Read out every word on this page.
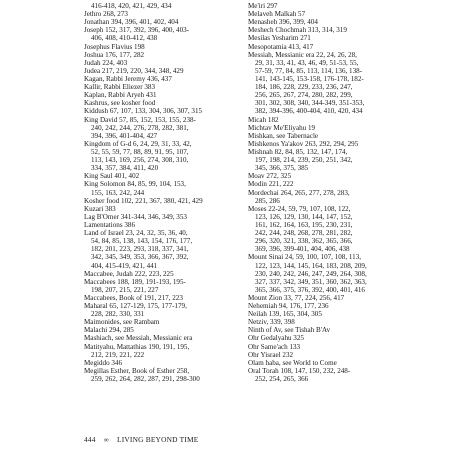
416-418, 420, 421, 429, 434
Jethro 268, 273
Jonathan 394, 396, 401, 402, 404
Joseph 152, 317, 392, 396, 400, 403-
406, 408, 410-412, 438
Josephus Flavius 198
Joshua 176, 177, 282
Judah 224, 403
Judea 217, 219, 220, 344, 348, 429
Kagan, Rabbi Jeremy 436, 437
Kallir, Rabbi Eliezer 383
Kaplan, Rabbi Aryeh 431
Kashrus, see kosher food
Kiddush 67, 107, 133, 304, 306, 307, 315
King David 57, 85, 152, 153, 155, 238-
240, 242, 244, 276, 278, 282, 381,
394, 396, 401-404, 427
Kingdom of G-d 6, 24, 29, 31, 33, 42,
52, 55, 59, 77, 88, 89, 91, 95, 107,
113, 143, 169, 256, 274, 308, 310,
334, 357, 384, 411, 420
King Saul 401, 402
King Solomon 84, 85, 99, 104, 153,
155, 163, 242, 244
Kosher food 102, 221, 367, 380, 421, 429
Kuzari 383
Lag B'Omer 341-344, 346, 349, 353
Lamentations 386
Land of Israel 23, 24, 32, 35, 36, 40,
54, 84, 85, 138, 143, 154, 176, 177,
182, 201, 223, 293, 318, 337, 341,
342, 345, 349, 353, 366, 367, 392,
404, 415-419, 421, 441
Maccabee, Judah 222, 223, 225
Maccabees 188, 189, 191-193, 195-
198, 207, 215, 221, 227
Maccabees, Book of 191, 217, 223
Maharal 65, 127-129, 175, 177-179,
228, 282, 330, 331
Maimonides, see Rambam
Malachi 294, 285
Mashiach, see Messiah, Messianic era
Matityahu, Mattathias 190, 191, 195,
212, 219, 221, 222
Megiddo 346
Megillas Esther, Book of Esther 258,
259, 262, 264, 282, 287, 291, 298-300
Me'iri 297
Melaveh Malkah 57
Menasheh 396, 399, 404
Meshech Chochmah 313, 314, 319
Mesilas Yesharim 271
Mesopotamia 413, 417
Messiah, Messianic era 22, 24, 26, 28,
29, 31, 33, 41, 43, 46, 49, 51-53, 55,
57-59, 77, 84, 85, 113, 114, 136, 138-
141, 143-145, 153-158, 176-178, 182-
184, 186, 228, 229, 233, 236, 247,
256, 265, 267, 274, 280, 282, 299,
301, 302, 308, 340, 344-349, 351-353,
382, 394-396, 400-404, 410, 420, 434
Micah 182
Michtav Me'Eliyahu 19
Mishkan, see Tabernacle
Mishkenos Ya'akov 263, 292, 294, 295
Mishnah 82, 84, 85, 132, 147, 174,
197, 198, 214, 239, 250, 251, 342,
345, 366, 375, 385
Moav 272, 325
Modin 221, 222
Mordechai 264, 265, 277, 278, 283,
285, 286
Moses 22-24, 59, 79, 107, 108, 122,
123, 126, 129, 130, 144, 147, 152,
161, 162, 164, 163, 195, 230, 231,
242, 244, 248, 268, 278, 281, 282,
296, 320, 321, 338, 362, 365, 366,
369, 396, 399-401, 404, 406, 438
Mount Sinai 24, 59, 100, 107, 108, 113,
122, 123, 144, 145, 164, 183, 208, 209,
230, 240, 242, 246, 247, 249, 264, 308,
327, 337, 342, 349, 351, 360, 362, 363,
365, 366, 375, 376, 392, 400, 401, 416
Mount Zion 33, 77, 224, 256, 417
Nehemiah 94, 176, 177, 236
Neilah 139, 165, 304, 305
Netziv, 339, 398
Ninth of Av, see Tishah B'Av
Ohr Gedalyahu 325
Ohr Same'ach 133
Ohr Yisrael 232
Olam haba, see World to Come
Oral Torah 108, 147, 150, 232, 248-
252, 254, 265, 366
444 ∞ LIVING BEYOND TIME
